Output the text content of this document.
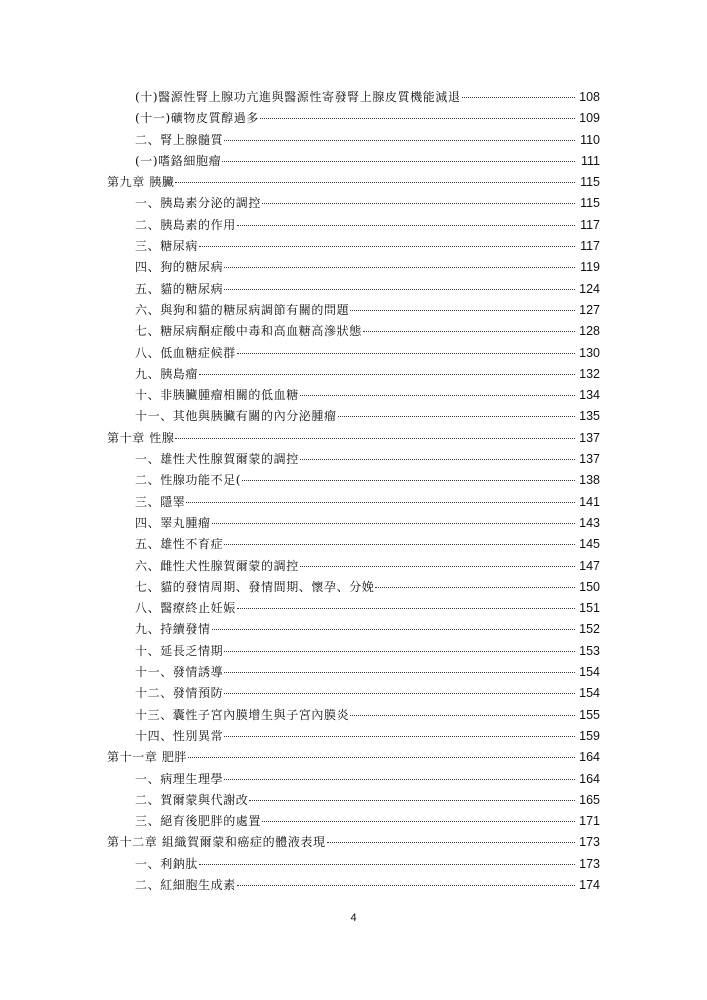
(十)醫源性腎上腺功亢進與醫源性寄發腎上腺皮質機能減退	108
(十一)礦物皮質醇過多	109
二、腎上腺髓質	110
(一)嗜鉻細胞瘤	111
第九章 胰臟	115
一、胰島素分泌的調控	115
二、胰島素的作用	117
三、糖尿病	117
四、狗的糖尿病	119
五、貓的糖尿病	124
六、與狗和貓的糖尿病調節有關的問題	127
七、糖尿病酮症酸中毒和高血糖高滲狀態	128
八、低血糖症候群	130
九、胰島瘤	132
十、非胰臟腫瘤相關的低血糖	134
十一、其他與胰臟有關的內分泌腫瘤	135
第十章 性腺	137
一、雄性犬性腺賀爾蒙的調控	137
二、性腺功能不足(	138
三、隱睪	141
四、睪丸腫瘤	143
五、雄性不育症	145
六、雌性犬性腺賀爾蒙的調控	147
七、貓的發情周期、發情間期、懷孕、分娩	150
八、醫療終止妊娠	151
九、持續發情	152
十、延長乏情期	153
十一、發情誘導	154
十二、發情預防	154
十三、囊性子宮內膜增生與子宮內膜炎	155
十四、性別異常	159
第十一章 肥胖	164
一、病理生理學	164
二、賀爾蒙與代謝改	165
三、絕育後肥胖的處置	171
第十二章 組織賀爾蒙和癌症的體液表現	173
一、利鈉肽	173
二、紅細胞生成素	174
4
